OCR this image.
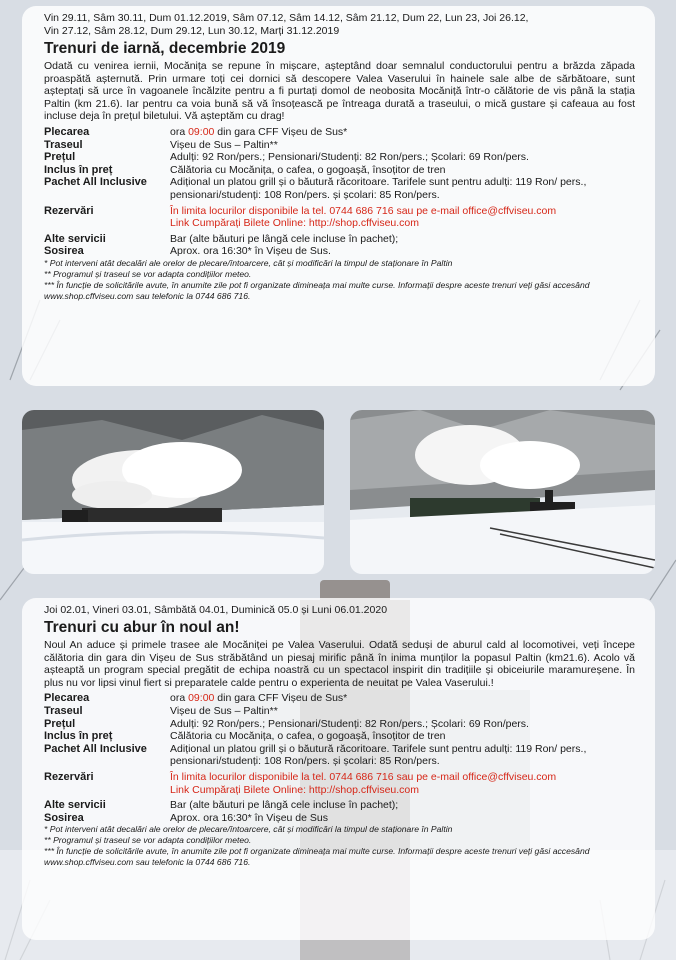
Vin 29.11, Sâm 30.11, Dum 01.12.2019, Sâm 07.12, Sâm 14.12, Sâm 21.12, Dum 22, Lun 23, Joi 26.12,
Vin 27.12, Sâm 28.12, Dum 29.12, Lun 30.12, Marți 31.12.2019
Trenuri de iarnă, decembrie 2019

Odată cu venirea iernii, Mocănița se repune în mișcare, așteptând doar semnalul conductorului pentru a brăzda zăpada proaspătă așternută. Prin urmare toți cei dornici să descopere Valea Vaserului în hainele sale albe de sărbătoare, sunt așteptați să urce în vagoanele încălzite pentru a fi purtați domol de neobosita Mocăniță într-o călătorie de vis până la stația Paltin (km 21.6). Iar pentru ca voia bună să vă însoțească pe întreaga durată a traseului, o mică gustare și cafeaua au fost incluse deja în prețul biletului. Vă așteptăm cu drag!

Plecarea	ora 09:00 din gara CFF Vișeu de Sus*
Traseul	Vișeu de Sus – Paltin**
Prețul	Adulți: 92 Ron/pers.; Pensionari/Studenți: 82 Ron/pers.; Școlari: 69 Ron/pers.
Inclus în preț	Călătoria cu Mocănița, o cafea, o gogoașă, însoțitor de tren
Pachet All Inclusive	Adițional un platou grill și o băutură răcoritoare. Tarifele sunt pentru adulți: 119 Ron/ pers., pensionari/studenți: 108 Ron/pers. și școlari: 85 Ron/pers.
Rezervări	În limita locurilor disponibile la tel. 0744 686 716 sau pe e-mail office@cffviseu.com
Link Cumpărați Bilete Online: http://shop.cffviseu.com
Alte servicii	Bar (alte băuturi pe lângă cele incluse în pachet);
Sosirea	Aprox. ora 16:30* în Vișeu de Sus.
* Pot interveni atât decalări ale orelor de plecare/întoarcere, cât și modificări la timpul de staționare în Paltin
** Programul și traseul se vor adapta condițiilor meteo.
*** În funcție de solicitările avute, în anumite zile pot fi organizate dimineața mai multe curse. Informații despre aceste trenuri veți găsi accesând www.shop.cffviseu.com sau telefonic la 0744 686 716.
Joi 02.01, Vineri 03.01, Sâmbătă 04.01, Duminică 05.0 și Luni 06.01.2020
Trenuri cu abur în noul an!

Noul An aduce și primele trasee ale Mocăniței pe Valea Vaserului. Odată seduși de aburul cald al locomotivei, veți începe călătoria din gara din Vișeu de Sus străbătând un piesaj mirific până în inima munților la popasul Paltin (km21.6). Acolo vă așteaptă un program special pregătit de echipa noastră cu un spectacol inspirit din tradițiile și obiceiurile maramureșene. În plus nu vor lipsi vinul fiert si preparatele calde pentru o experienta de neuitat pe Valea Vaserului.!

Plecarea	ora 09:00 din gara CFF Vișeu de Sus*
Traseul	Vișeu de Sus – Paltin**
Prețul	Adulți: 92 Ron/pers.; Pensionari/Studenți: 82 Ron/pers.; Școlari: 69 Ron/pers.
Inclus în preț	Călătoria cu Mocănița, o cafea, o gogoașă, însoțitor de tren
Pachet All Inclusive	Adițional un platou grill și o băutură răcoritoare. Tarifele sunt pentru adulți: 119 Ron/ pers., pensionari/studenți: 108 Ron/pers. și școlari: 85 Ron/pers.
Rezervări	În limita locurilor disponibile la tel. 0744 686 716 sau pe e-mail office@cffviseu.com
Link Cumpărați Bilete Online: http://shop.cffviseu.com
Alte servicii	Bar (alte băuturi pe lângă cele incluse în pachet);
Sosirea	Aprox. ora 16:30* în Vișeu de Sus
* Pot interveni atât decalări ale orelor de plecare/întoarcere, cât și modificări la timpul de staționare în Paltin
** Programul și traseul se vor adapta condițiilor meteo.
*** În funcție de solicitările avute, în anumite zile pot fi organizate dimineața mai multe curse. Informații despre aceste trenuri veți găsi accesând www.shop.cffviseu.com sau telefonic la 0744 686 716.
